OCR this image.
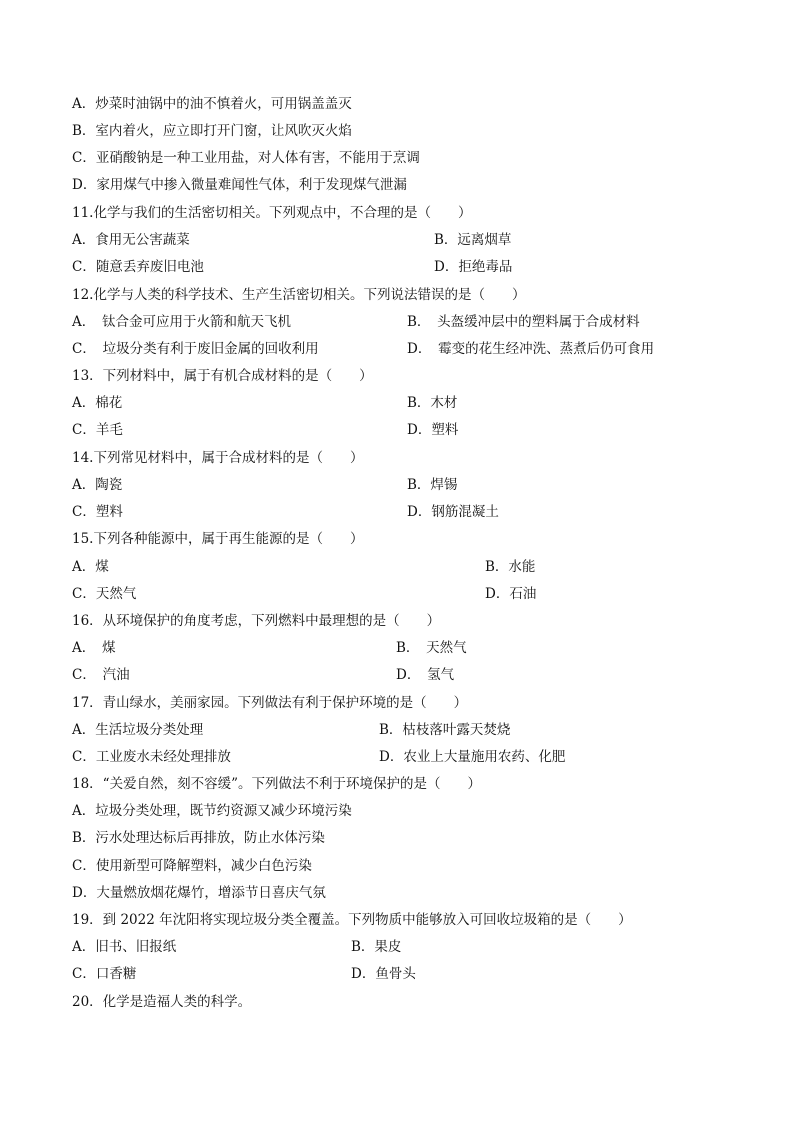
A．炒菜时油锅中的油不慎着火，可用锅盖盖灭
B．室内着火，应立即打开门窗，让风吹灭火焰
C．亚硝酸钠是一种工业用盐，对人体有害，不能用于烹调
D．家用煤气中掺入微量难闻性气体，利于发现煤气泄漏
11.化学与我们的生活密切相关。下列观点中，不合理的是（　　）
A．食用无公害蔬菜	B．远离烟草
C．随意丢弃废旧电池	D．拒绝毒品
12.化学与人类的科学技术、生产生活密切相关。下列说法错误的是（　　）
A．　钛合金可应用于火箭和航天飞机	B．　头盔缓冲层中的塑料属于合成材料
C．　垃圾分类有利于废旧金属的回收利用	D．　霉变的花生经冲洗、蒸煮后仍可食用
13．下列材料中，属于有机合成材料的是（　　）
A．棉花	B．木材
C．羊毛	D．塑料
14.下列常见材料中，属于合成材料的是（　　）
A．陶瓷	B．焊锡
C．塑料	D．钢筋混凝土
15.下列各种能源中，属于再生能源的是（　　）
A．煤	B．水能
C．天然气	D．石油
16．从环境保护的角度考虑，下列燃料中最理想的是（　　）
A．　煤	B．　天然气
C．　汽油	D．　氢气
17．青山绿水，美丽家园。下列做法有利于保护环境的是（　　）
A．生活垃圾分类处理	B．枯枝落叶露天焚烧
C．工业废水未经处理排放	D．农业上大量施用农药、化肥
18．“关爱自然，刻不容缓”。下列做法不利于环境保护的是（　　）
A．垃圾分类处理，既节约资源又减少环境污染
B．污水处理达标后再排放，防止水体污染
C．使用新型可降解塑料，减少白色污染
D．大量燃放烟花爆竹，增添节日喜庆气氛
19．到 2022 年沈阳将实现垃圾分类全覆盖。下列物质中能够放入可回收垃圾箱的是（　　）
A．旧书、旧报纸	B．果皮
C．口香糖	D．鱼骨头
20．化学是造福人类的科学。
